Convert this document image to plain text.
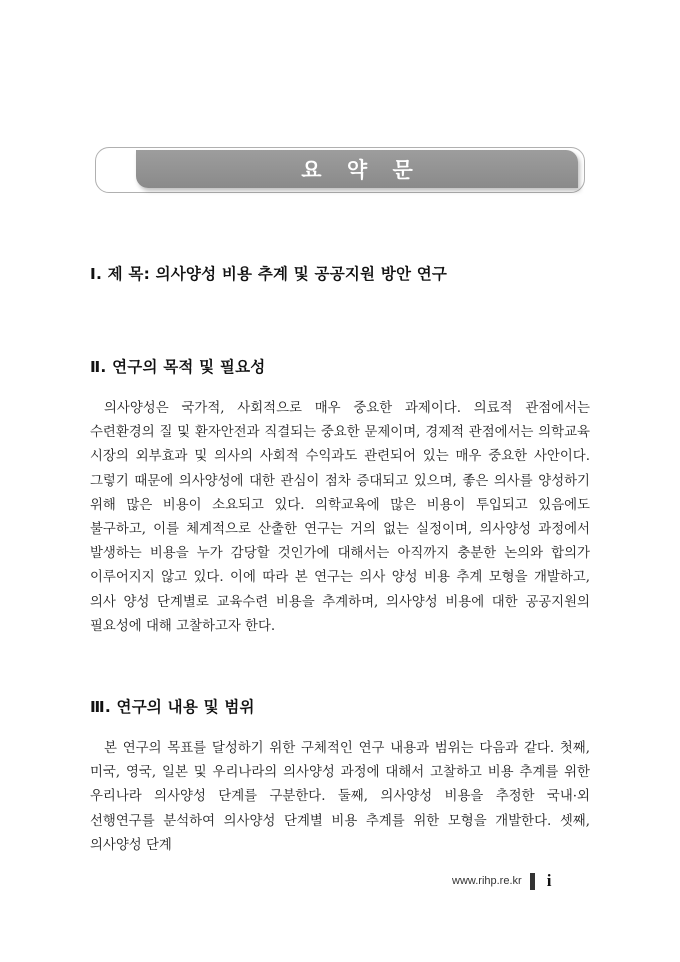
요 약 문
Ⅰ. 제 목: 의사양성 비용 추계 및 공공지원 방안 연구
Ⅱ. 연구의 목적 및 필요성

의사양성은 국가적, 사회적으로 매우 중요한 과제이다. 의료적 관점에서는 수련환경의 질 및 환자안전과 직결되는 중요한 문제이며, 경제적 관점에서는 의학교육 시장의 외부효과 및 의사의 사회적 수익과도 관련되어 있는 매우 중요한 사안이다. 그렇기 때문에 의사양성에 대한 관심이 점차 증대되고 있으며, 좋은 의사를 양성하기 위해 많은 비용이 소요되고 있다. 의학교육에 많은 비용이 투입되고 있음에도 불구하고, 이를 체계적으로 산출한 연구는 거의 없는 실정이며, 의사양성 과정에서 발생하는 비용을 누가 감당할 것인가에 대해서는 아직까지 충분한 논의와 합의가 이루어지지 않고 있다. 이에 따라 본 연구는 의사 양성 비용 추계 모형을 개발하고, 의사 양성 단계별로 교육수련 비용을 추계하며, 의사양성 비용에 대한 공공지원의 필요성에 대해 고찰하고자 한다.

Ⅲ. 연구의 내용 및 범위

본 연구의 목표를 달성하기 위한 구체적인 연구 내용과 범위는 다음과 같다. 첫째, 미국, 영국, 일본 및 우리나라의 의사양성 과정에 대해서 고찰하고 비용 추계를 위한 우리나라 의사양성 단계를 구분한다. 둘째, 의사양성 비용을 추정한 국내·외 선행연구를 분석하여 의사양성 단계별 비용 추계를 위한 모형을 개발한다. 셋째, 의사양성 단계

www.rihp.re.kr i
